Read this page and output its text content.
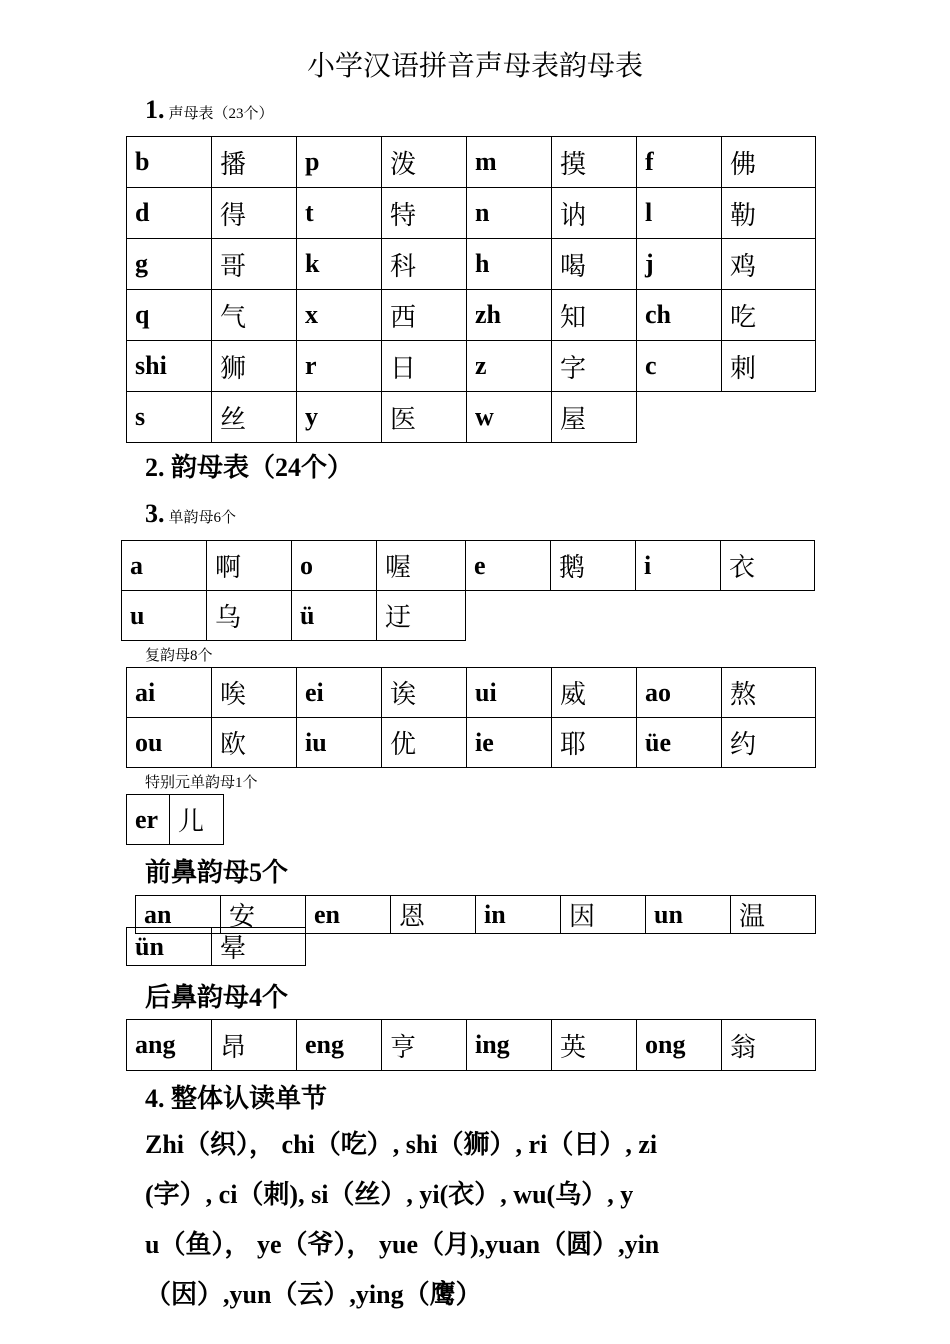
小学汉语拼音声母表韵母表
1. 声母表（23个）
b	播	p	泼	m	摸	f	佛
d	得	t	特	n	讷	l	勒
g	哥	k	科	h	喝	j	鸡
q	气	x	西	zh	知	ch	吃
shi	狮	r	日	z	字	c	刺
s	丝	y	医	w	屋		
2. 韵母表（24个）
3. 单韵母6个
a	啊	o	喔	e	鹅	i	衣
u	乌	ü	迂				
复韵母8个
ai	唉	ei	诶	ui	威	ao	熬
ou	欧	iu	优	ie	耶	üe	约
特别元单韵母1个
er	儿
前鼻韵母5个
an	安	en	恩	in	因	un	温
ün	晕
后鼻韵母4个
ang	昂	eng	亨	ing	英	ong	翁
4. 整体认读单节
Zhi（织）， chi（吃）, shi（狮）, ri（日）, zi
(字）, ci（刺), si（丝）, yi(衣）, wu(乌）, y
u（鱼）， ye（爷）， yue（月),yuan（圆）,yin
（因）,yun（云）,ying（鹰）
